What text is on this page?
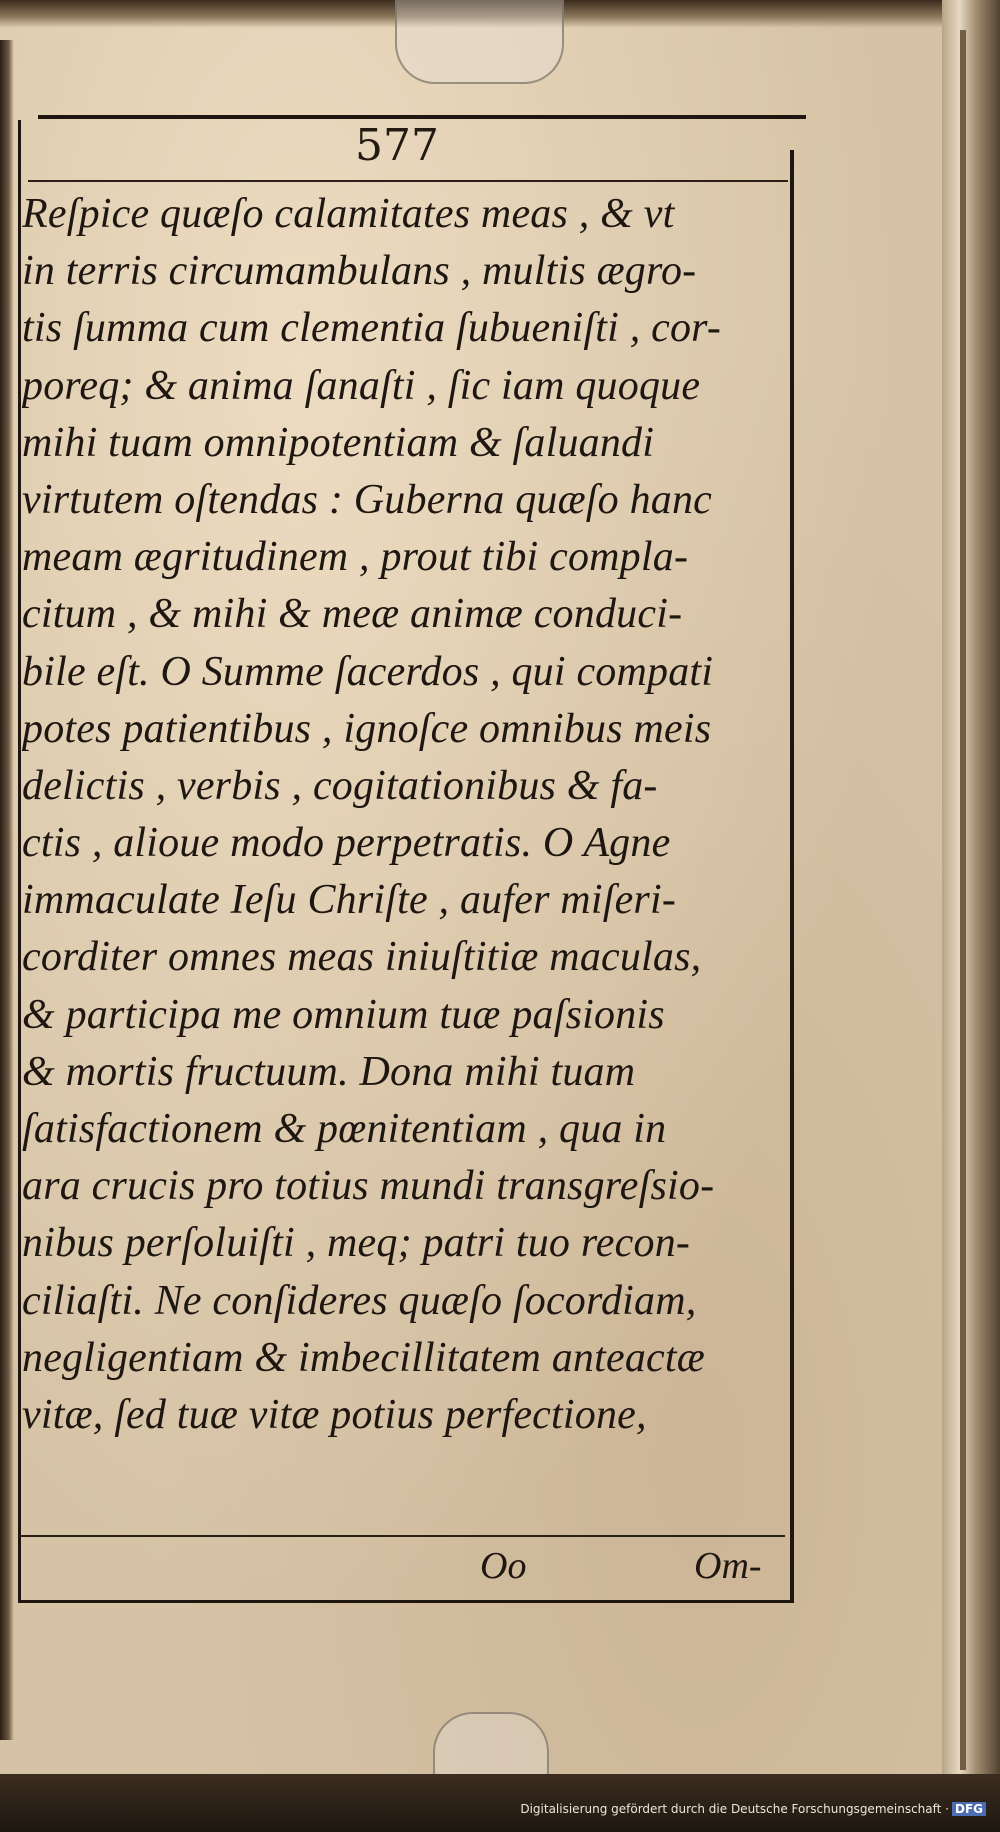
577
Reſpice quæſo calamitates meas , & vt
in terris circumambulans , multis ægro-
tis ſumma cum clementia ſubueniſti , cor-
poreq; & anima ſanaſti , ſic iam quoque
mihi tuam omnipotentiam & ſaluandi
virtutem oſtendas : Guberna quæſo hanc
meam ægritudinem , prout tibi compla-
citum , & mihi & meæ animæ conduci-
bile eſt. O Summe ſacerdos , qui compati
potes patientibus , ignoſce omnibus meis
delictis , verbis , cogitationibus & fa-
ctis , alioue modo perpetratis. O Agne
immaculate Ieſu Chriſte , aufer miſeri-
corditer omnes meas iniuſtitiæ maculas,
& participa me omnium tuæ paſsionis
& mortis fructuum. Dona mihi tuam
ſatisfactionem & pœnitentiam , qua in
ara crucis pro totius mundi transgreſsio-
nibus perſoluiſti , meq; patri tuo recon-
ciliaſti. Ne conſideres quæſo ſocordiam,
negligentiam & imbecillitatem anteactæ
vitæ, ſed tuæ vitæ potius perfectione,
Oo	Om-
Digitalisierung gefördert durch die Deutsche Forschungsgemeinschaft · DFG
